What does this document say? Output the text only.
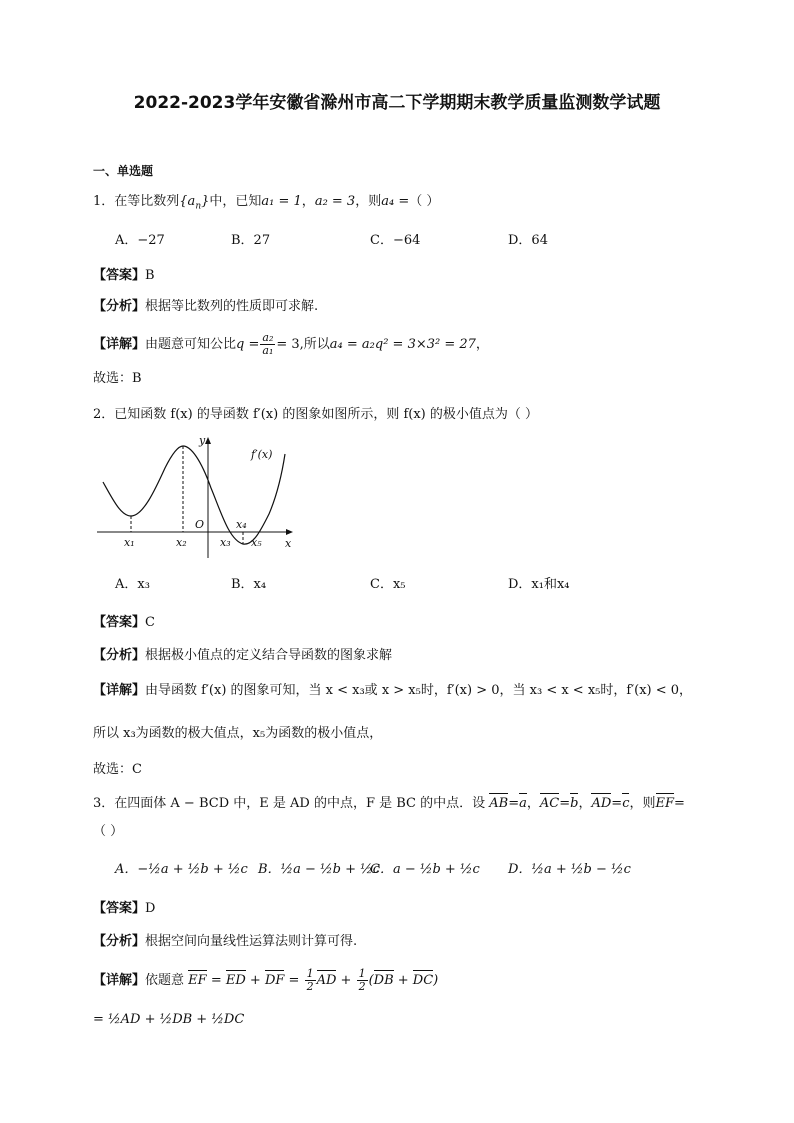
2022-2023学年安徽省滁州市高二下学期期末教学质量监测数学试题
一、单选题
1．在等比数列$\{a_n\}$中，已知a₁ = 1，a₂ = 3，则a₄ =（ ）
A．−27	B．27	C．−64	D．64
【答案】B
【分析】根据等比数列的性质即可求解.
【详解】由题意可知公比$q = \frac{\text{a₂}}{\text{a₁}} = 3$,所以a₄ = a₂q² = 3×3² = 27，
故选：B
2．已知函数 f(x) 的导函数 f′(x) 的图象如图所示，则 f(x) 的极小值点为（ ）
y
f′(x)
O
x
x₁	x₂	x₃
x₄
x₅
A．x₃	B．x₄	C．x₅	D．x₁和x₄
【答案】C
【分析】根据极小值点的定义结合导函数的图象求解
【详解】由导函数 f′(x) 的图象可知，当 x < x₃或 x > x₅时，f′(x) > 0，当 x₃ < x < x₅时，f′(x) < 0，
所以 x₃为函数的极大值点，x₅为函数的极小值点，
故选：C
3．在四面体 A − BCD 中，E 是 AD 的中点，F 是 BC 的中点．设 AB=a，AC=b，AD=c，则EF=
（ ）
A．−½a + ½b + ½c B．½a − ½b + ½c
C．a − ½b + ½c D．½a + ½b − ½c
【答案】D
【分析】根据空间向量线性运算法则计算可得.
【详解】依题意 EF = ED + DF = $\frac{1}{2}$ AD + $\frac{1}{2} (DB + DC)$
= ½AD + ½DB + ½DC
